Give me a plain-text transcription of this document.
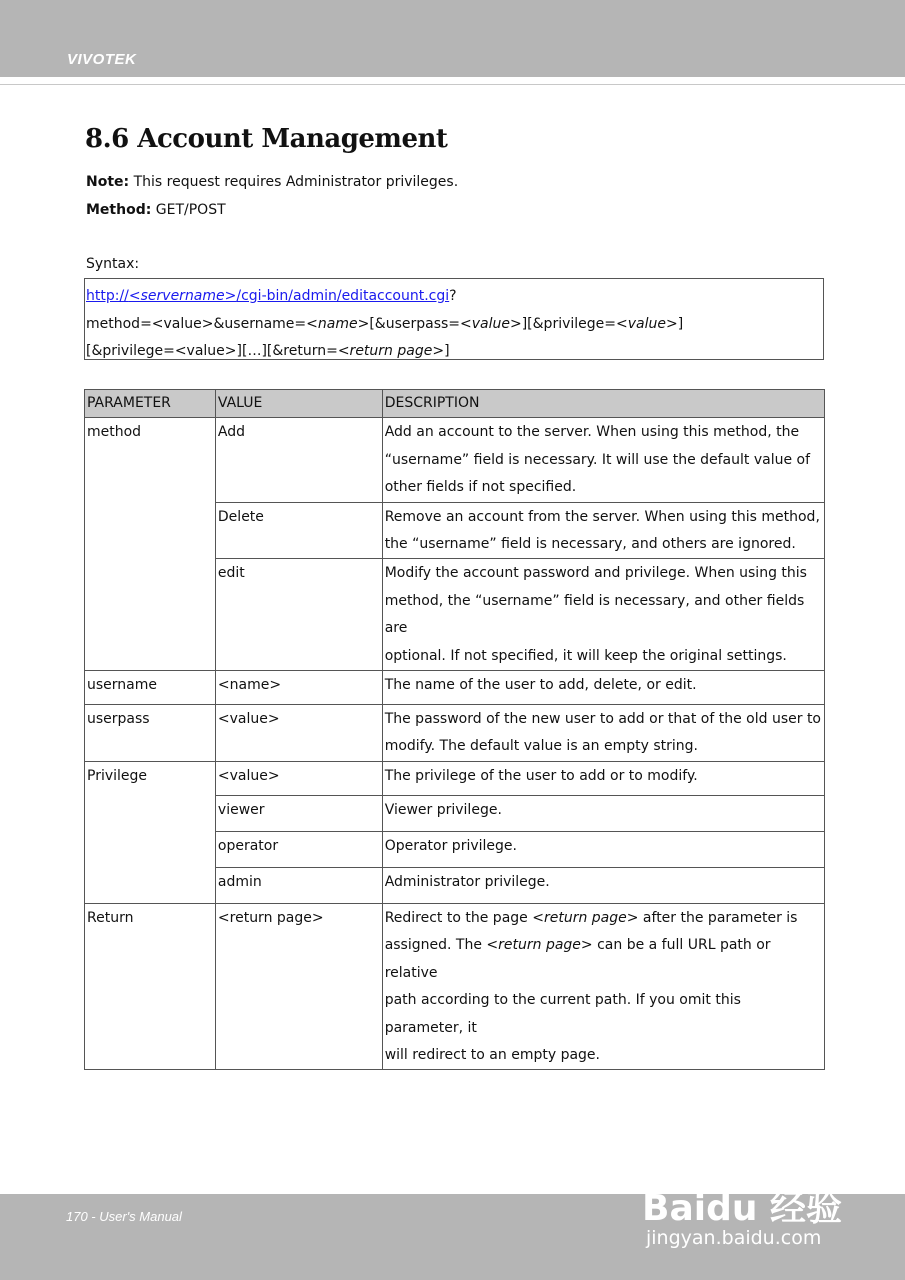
VIVOTEK
8.6 Account Management
Note: This request requires Administrator privileges.
Method: GET/POST
Syntax:
http://<servername>/cgi-bin/admin/editaccount.cgi?
method=<value>&username=<name>[&userpass=<value>][&privilege=<value>]
[&privilege=<value>][…][&return=<return page>]
PARAMETER	VALUE	DESCRIPTION
method	Add	Add an account to the server. When using this method, the
“username” field is necessary. It will use the default value of
other fields if not specified.
	Delete	Remove an account from the server. When using this method,
the “username” field is necessary, and others are ignored.
	edit	Modify the account password and privilege. When using this
method, the “username” field is necessary, and other fields are
optional. If not specified, it will keep the original settings.
username	<name>	The name of the user to add, delete, or edit.
userpass	<value>	The password of the new user to add or that of the old user to
modify. The default value is an empty string.
Privilege	<value>	The privilege of the user to add or to modify.
	viewer	Viewer privilege.
	operator	Operator privilege.
	admin	Administrator privilege.
Return	<return page>	Redirect to the page <return page> after the parameter is
assigned. The <return page> can be a full URL path or relative
path according to the current path. If you omit this parameter, it
will redirect to an empty page.
170 - User's Manual	Baidu 经验
jingyan.baidu.com
